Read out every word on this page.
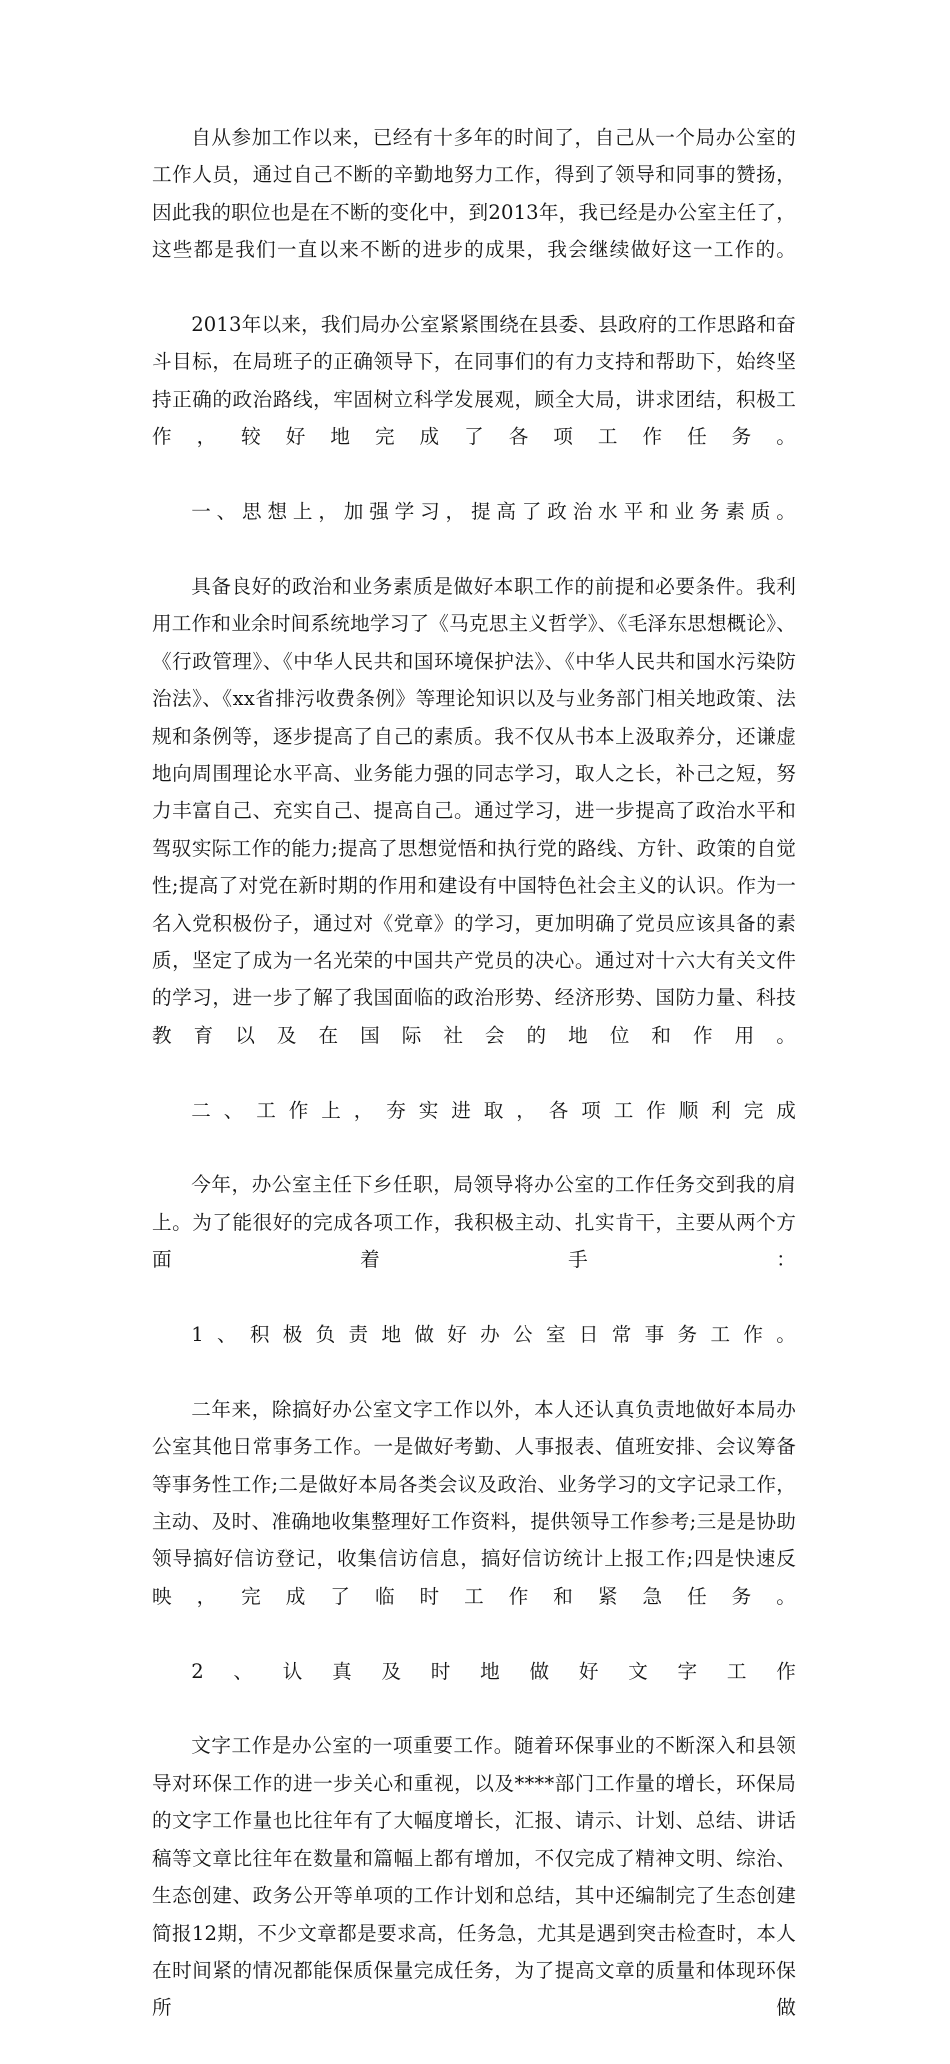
自从参加工作以来，已经有十多年的时间了，自己从一个局办公室的工作人员，通过自己不断的辛勤地努力工作，得到了领导和同事的赞扬，因此我的职位也是在不断的变化中，到2013年，我已经是办公室主任了，这些都是我们一直以来不断的进步的成果，我会继续做好这一工作的。

2013年以来，我们局办公室紧紧围绕在县委、县政府的工作思路和奋斗目标，在局班子的正确领导下，在同事们的有力支持和帮助下，始终坚持正确的政治路线，牢固树立科学发展观，顾全大局，讲求团结，积极工作，较好地完成了各项工作任务。

一、思想上，加强学习，提高了政治水平和业务素质。

具备良好的政治和业务素质是做好本职工作的前提和必要条件。我利用工作和业余时间系统地学习了《马克思主义哲学》、《毛泽东思想概论》、《行政管理》、《中华人民共和国环境保护法》、《中华人民共和国水污染防治法》、《xx省排污收费条例》等理论知识以及与业务部门相关地政策、法规和条例等，逐步提高了自己的素质。我不仅从书本上汲取养分，还谦虚地向周围理论水平高、业务能力强的同志学习，取人之长，补己之短，努力丰富自己、充实自己、提高自己。通过学习，进一步提高了政治水平和驾驭实际工作的能力;提高了思想觉悟和执行党的路线、方针、政策的自觉性;提高了对党在新时期的作用和建设有中国特色社会主义的认识。作为一名入党积极份子，通过对《党章》的学习，更加明确了党员应该具备的素质，坚定了成为一名光荣的中国共产党员的决心。通过对十六大有关文件的学习，进一步了解了我国面临的政治形势、经济形势、国防力量、科技教育以及在国际社会的地位和作用。

二、工作上，夯实进取，各项工作顺利完成

今年，办公室主任下乡任职，局领导将办公室的工作任务交到我的肩上。为了能很好的完成各项工作，我积极主动、扎实肯干，主要从两个方面着手：

1、积极负责地做好办公室日常事务工作。

二年来，除搞好办公室文字工作以外，本人还认真负责地做好本局办公室其他日常事务工作。一是做好考勤、人事报表、值班安排、会议筹备等事务性工作;二是做好本局各类会议及政治、业务学习的文字记录工作，主动、及时、准确地收集整理好工作资料，提供领导工作参考;三是是协助领导搞好信访登记，收集信访信息，搞好信访统计上报工作;四是快速反映，完成了临时工作和紧急任务。

2、认真及时地做好文字工作

文字工作是办公室的一项重要工作。随着环保事业的不断深入和县领导对环保工作的进一步关心和重视，以及****部门工作量的增长，环保局的文字工作量也比往年有了大幅度增长，汇报、请示、计划、总结、讲话稿等文章比往年在数量和篇幅上都有增加，不仅完成了精神文明、综治、生态创建、政务公开等单项的工作计划和总结，其中还编制完了生态创建简报12期，不少文章都是要求高，任务急，尤其是遇到突击检查时，本人在时间紧的情况都能保质保量完成任务，为了提高文章的质量和体现环保所做
